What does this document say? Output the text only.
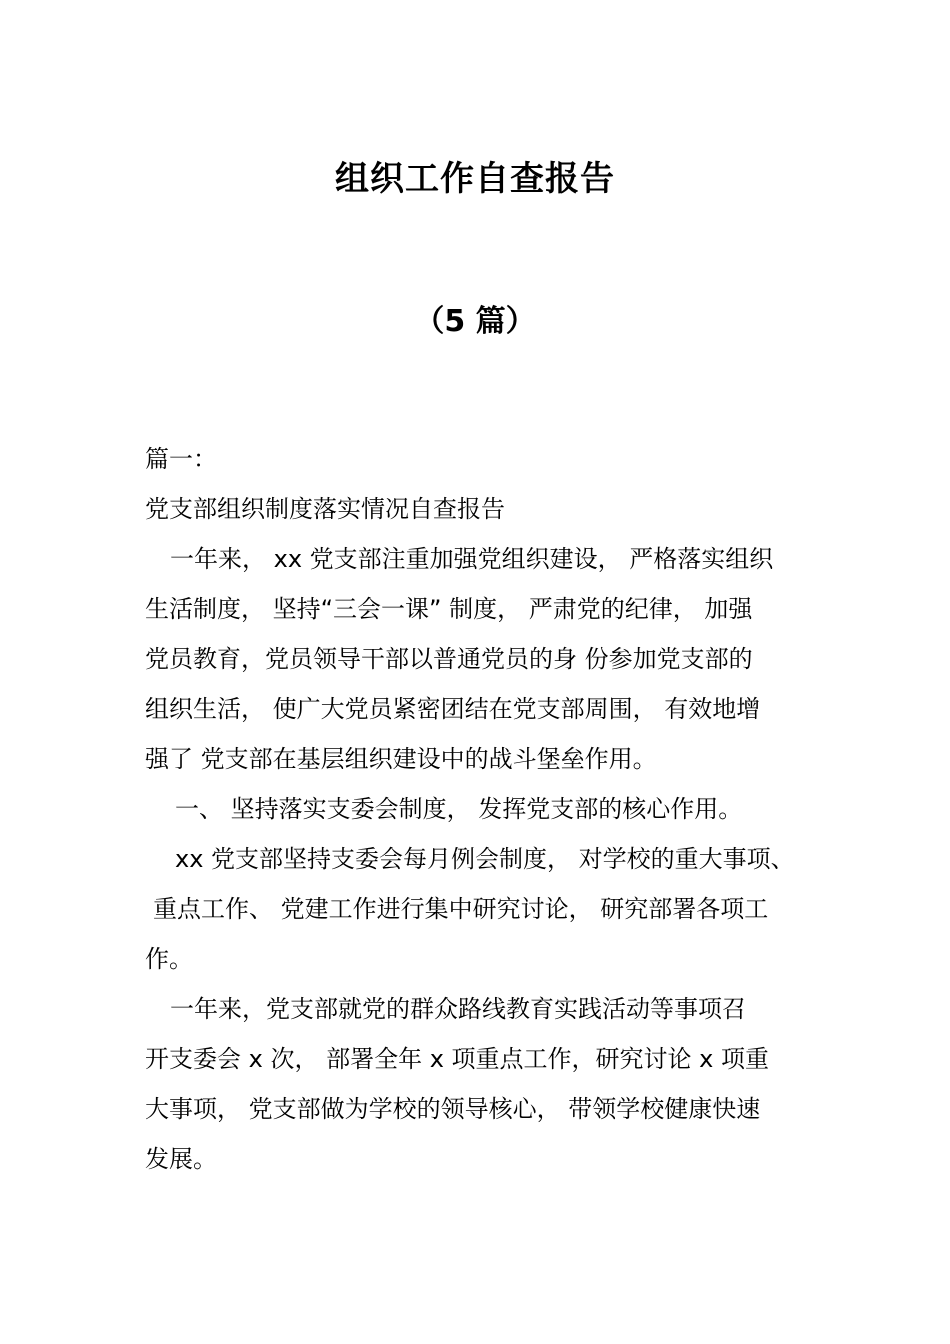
组织工作自查报告
（5 篇）
篇一：
党支部组织制度落实情况自查报告
一年来， xx 党支部注重加强党组织建设， 严格落实组织
生活制度， 坚持“三会一课” 制度， 严肃党的纪律， 加强
党员教育，党员领导干部以普通党员的身 份参加党支部的
组织生活， 使广大党员紧密团结在党支部周围， 有效地增
强了 党支部在基层组织建设中的战斗堡垒作用。
一、 坚持落实支委会制度， 发挥党支部的核心作用。
xx 党支部坚持支委会每月例会制度， 对学校的重大事项、
重点工作、 党建工作进行集中研究讨论， 研究部署各项工
作。
一年来，党支部就党的群众路线教育实践活动等事项召
开支委会 x 次， 部署全年 x 项重点工作，研究讨论 x 项重
大事项， 党支部做为学校的领导核心， 带领学校健康快速
发展。
